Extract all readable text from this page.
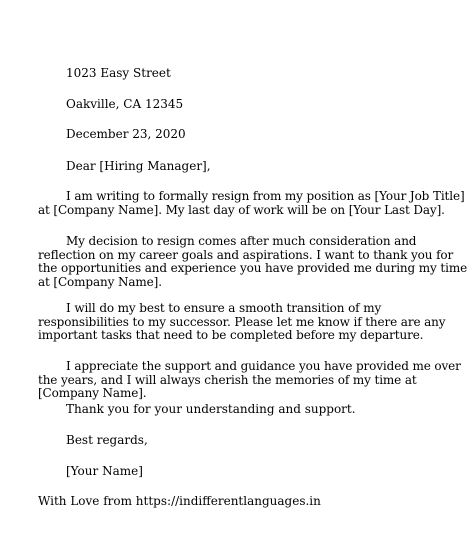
1023 Easy Street

Oakville, CA 12345

December 23, 2020

Dear [Hiring Manager],

I am writing to formally resign from my position as [Your Job Title] at [Company Name]. My last day of work will be on [Your Last Day].

My decision to resign comes after much consideration and reflection on my career goals and aspirations. I want to thank you for the opportunities and experience you have provided me during my time at [Company Name].

I will do my best to ensure a smooth transition of my responsibilities to my successor. Please let me know if there are any important tasks that need to be completed before my departure.

I appreciate the support and guidance you have provided me over the years, and I will always cherish the memories of my time at [Company Name].

Thank you for your understanding and support.

Best regards,

[Your Name]

With Love from https://indifferentlanguages.in
